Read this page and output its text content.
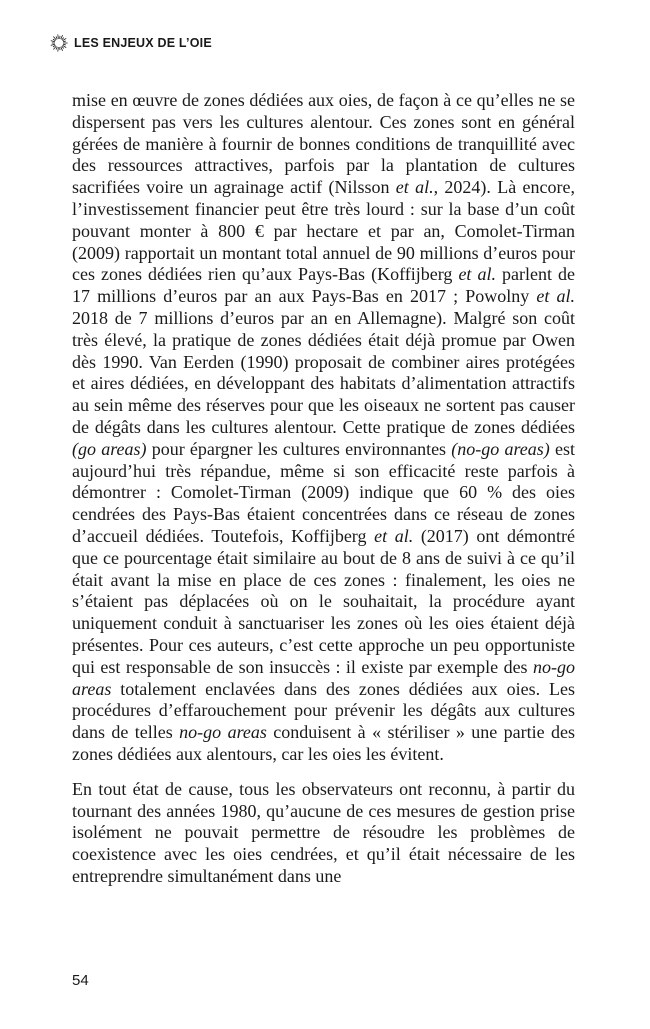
LES ENJEUX DE L’OIE

mise en œuvre de zones dédiées aux oies, de façon à ce qu’elles ne se dispersent pas vers les cultures alentour. Ces zones sont en général gérées de manière à fournir de bonnes conditions de tranquillité avec des ressources attractives, parfois par la plantation de cultures sacrifiées voire un agrainage actif (Nilsson et al., 2024). Là encore, l’investissement financier peut être très lourd : sur la base d’un coût pouvant monter à 800 € par hectare et par an, Comolet-Tirman (2009) rapportait un montant total annuel de 90 millions d’euros pour ces zones dédiées rien qu’aux Pays-Bas (Koffijberg et al. parlent de 17 millions d’euros par an aux Pays-Bas en 2017 ; Powolny et al. 2018 de 7 millions d’euros par an en Allemagne). Malgré son coût très élevé, la pratique de zones dédiées était déjà promue par Owen dès 1990. Van Eerden (1990) proposait de combiner aires protégées et aires dédiées, en développant des habitats d’alimentation attractifs au sein même des réserves pour que les oiseaux ne sortent pas causer de dégâts dans les cultures alentour. Cette pratique de zones dédiées (go areas) pour épargner les cultures environnantes (no-go areas) est aujourd’hui très répandue, même si son efficacité reste parfois à démontrer : Comolet-Tirman (2009) indique que 60 % des oies cendrées des Pays-Bas étaient concentrées dans ce réseau de zones d’accueil dédiées. Toutefois, Koffijberg et al. (2017) ont démontré que ce pourcentage était similaire au bout de 8 ans de suivi à ce qu’il était avant la mise en place de ces zones : finalement, les oies ne s’étaient pas déplacées où on le souhaitait, la procédure ayant uniquement conduit à sanctuariser les zones où les oies étaient déjà présentes. Pour ces auteurs, c’est cette approche un peu opportuniste qui est responsable de son insuccès : il existe par exemple des no-go areas totalement enclavées dans des zones dédiées aux oies. Les procédures d’effarouchement pour prévenir les dégâts aux cultures dans de telles no-go areas conduisent à « stériliser » une partie des zones dédiées aux alentours, car les oies les évitent.

En tout état de cause, tous les observateurs ont reconnu, à partir du tournant des années 1980, qu’aucune de ces mesures de gestion prise isolément ne pouvait permettre de résoudre les problèmes de coexistence avec les oies cendrées, et qu’il était nécessaire de les entreprendre simultanément dans une

54
